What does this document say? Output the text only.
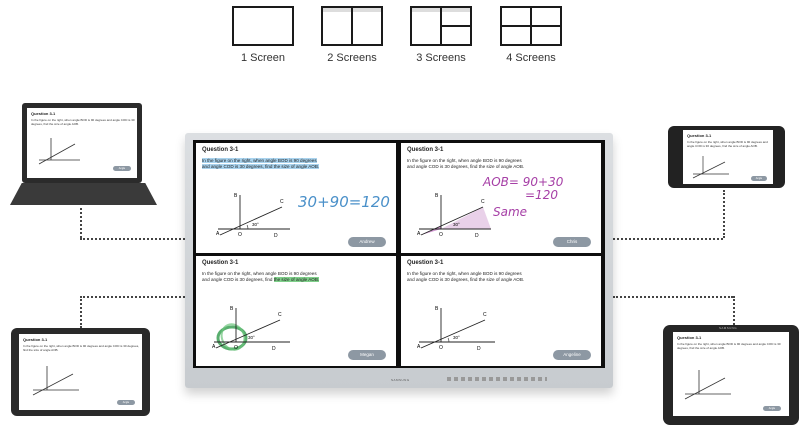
1 Screen	2 Screens	3 Screens	4 Screens
Question 3-1
In the figure on the right, when angle BOD is 90 degrees and angle COD is 30 degrees, find the size of angle AOB.
Angle
Question 3-1
In the figure on the right, when angle BOD is 90 degrees and angle COD is 30 degrees, find the size of angle AOB.
Angle
Question 3-1
In the figure on the right, when angle BOD is 90 degrees and angle COD is 30 degrees, find the size of angle AOB.
Angle
SAMSUNG
Question 3-1
In the figure on the right, when angle BOD is 90 degrees and angle COD is 30 degrees, find the size of angle AOB.
Angle
Question 3-1
In the figure on the right, when angle BOD is 90 degrees
and angle COD is 30 degrees, find the size of angle AOB.
B
C
A	O	D
30°
30+90=120
Andrew
Question 3-1
In the figure on the right, when angle BOD is 90 degrees
and angle COD is 30 degrees, find the size of angle AOB.
B
C
A	O	D
30°
AOB= 90+30
=120
Same
Chris
Question 3-1
In the figure on the right, when angle BOD is 90 degrees
and angle COD is 30 degrees, find the size of angle AOB.
B
C
A	O	D
30°
Megan
Question 3-1
In the figure on the right, when angle BOD is 90 degrees
and angle COD is 30 degrees, find the size of angle AOB.
B
C
A	O	D
30°
Angeline
SAMSUNG
